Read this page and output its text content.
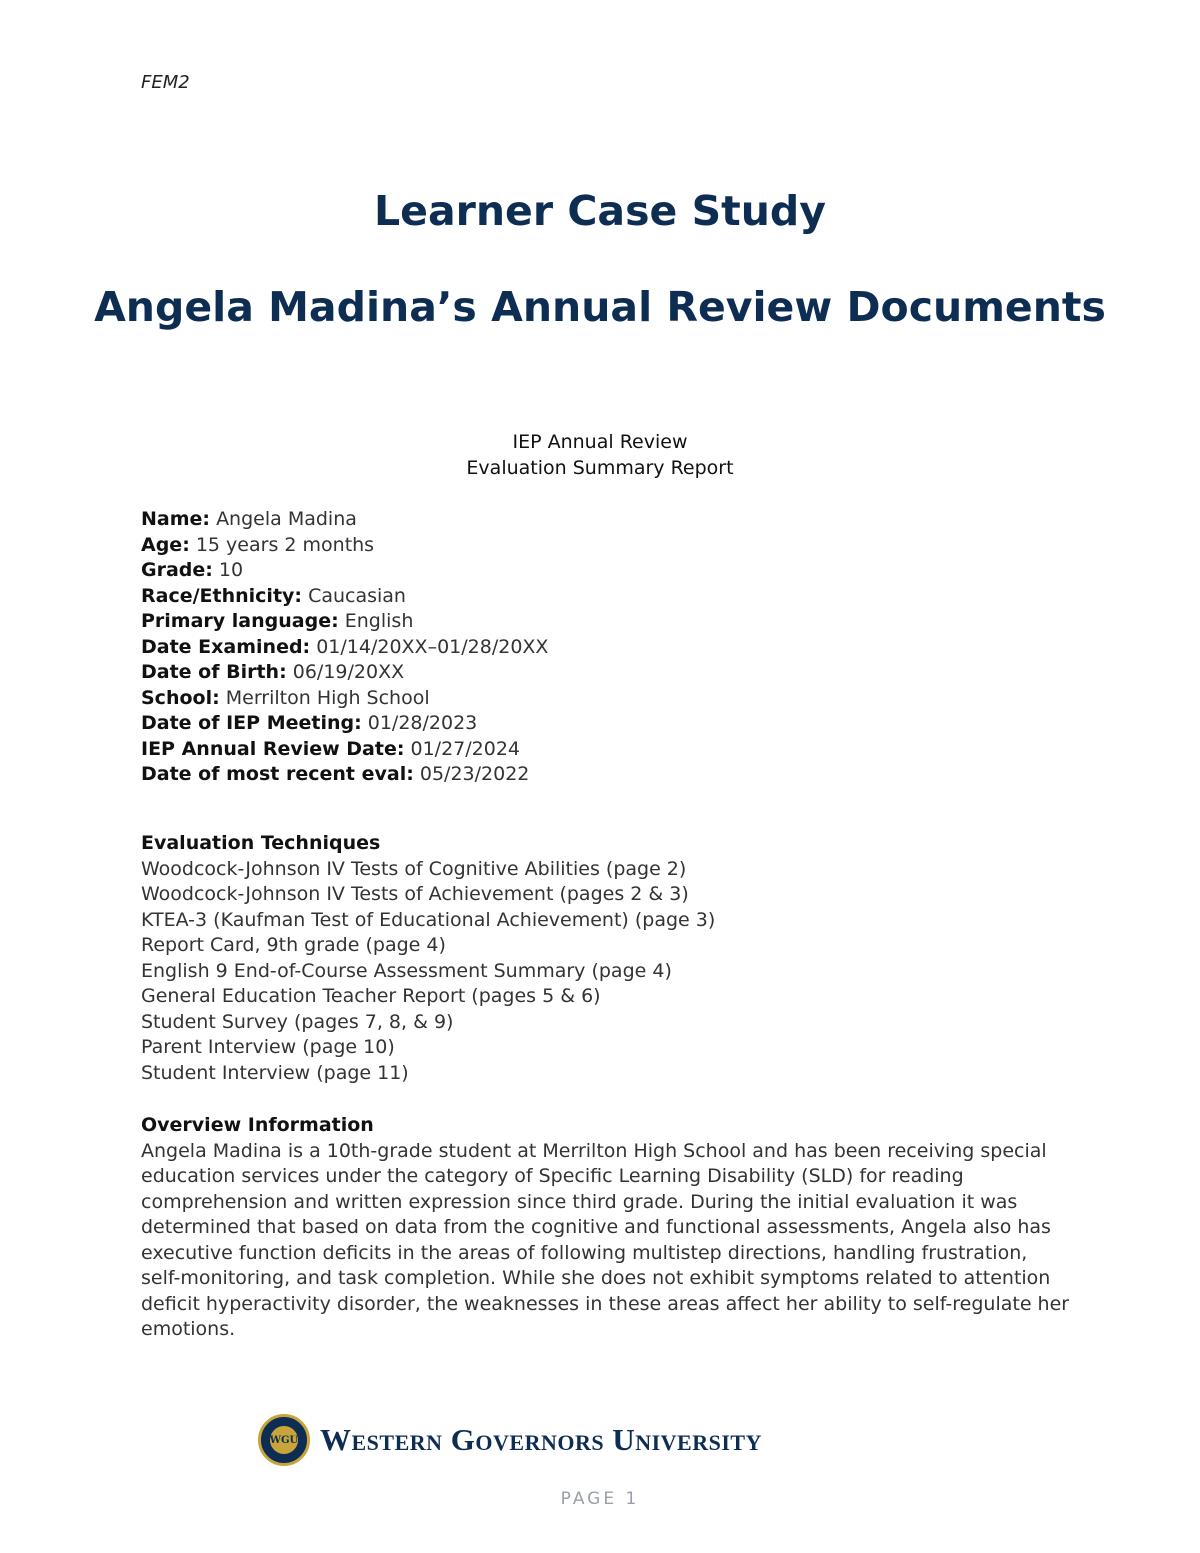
FEM2
Learner Case Study
Angela Madina’s Annual Review Documents
IEP Annual Review
Evaluation Summary Report
Name: Angela Madina
Age: 15 years 2 months
Grade: 10
Race/Ethnicity: Caucasian
Primary language: English
Date Examined: 01/14/20XX–01/28/20XX
Date of Birth: 06/19/20XX
School: Merrilton High School
Date of IEP Meeting: 01/28/2023
IEP Annual Review Date: 01/27/2024
Date of most recent eval: 05/23/2022
Evaluation Techniques
Woodcock-Johnson IV Tests of Cognitive Abilities (page 2)
Woodcock-Johnson IV Tests of Achievement (pages 2 & 3)
KTEA-3 (Kaufman Test of Educational Achievement) (page 3)
Report Card, 9th grade (page 4)
English 9 End-of-Course Assessment Summary (page 4)
General Education Teacher Report (pages 5 & 6)
Student Survey (pages 7, 8, & 9)
Parent Interview (page 10)
Student Interview (page 11)
Overview Information
Angela Madina is a 10th-grade student at Merrilton High School and has been receiving special education services under the category of Specific Learning Disability (SLD) for reading comprehension and written expression since third grade. During the initial evaluation it was determined that based on data from the cognitive and functional assessments, Angela also has executive function deficits in the areas of following multistep directions, handling frustration, self-monitoring, and task completion. While she does not exhibit symptoms related to attention deficit hyperactivity disorder, the weaknesses in these areas affect her ability to self-regulate her emotions.
WGU Western Governors University
PAGE 1
